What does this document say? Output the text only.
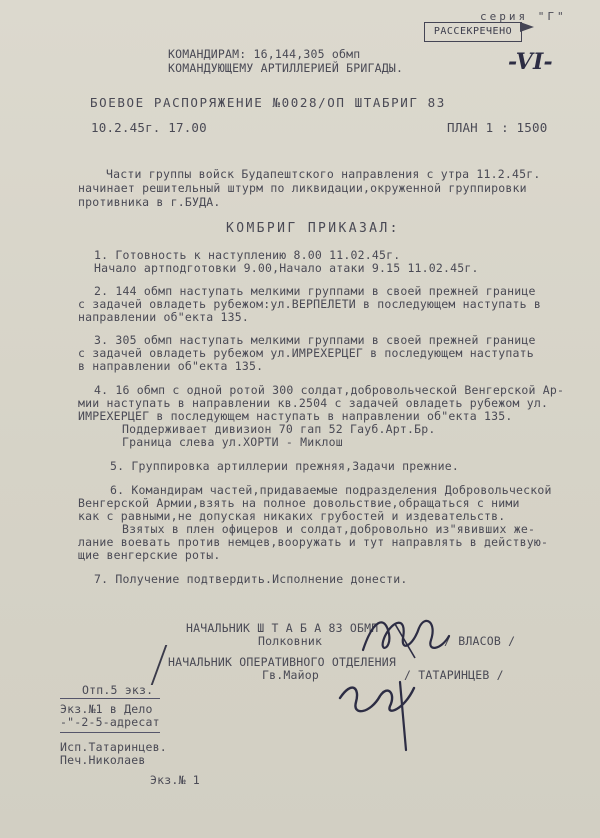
серия "Г"
РАССЕКРЕЧЕНО
-VI-
КОМАНДИРАМ: 16,144,305 обмп
КОМАНДУЮЩЕМУ АРТИЛЛЕРИЕЙ БРИГАДЫ.
БОЕВОЕ РАСПОРЯЖЕНИЕ №0028/ОП ШТАБРИГ 83
10.2.45г. 17.00	ПЛАН 1 : 1500
Части группы войск Будапештского направления с утра 11.2.45г.
начинает решительный штурм по ликвидации,окруженной группировки
противника в г.БУДА.
КОМБРИГ ПРИКАЗАЛ:
1. Готовность к наступлению 8.00 11.02.45г.
Начало артподготовки 9.00,Начало атаки 9.15 11.02.45г.
2. 144 обмп наступать мелкими группами в своей прежней границе
с задачей овладеть рубежом:ул.ВЕРПЕЛЕТИ в последующем наступать в
направлении об"екта 135.
3. 305 обмп наступать мелкими группами в своей прежней границе
с задачей овладеть рубежом ул.ИМРЕХЕРЦЕГ в последующем наступать
в направлении об"екта 135.
4. 16 обмп с одной ротой 300 солдат,добровольческой Венгерской Ар-
мии наступать в направлении кв.2504 с задачей овладеть рубежом ул.
ИМРЕХЕРЦЕГ в последующем наступать в направлении об"екта 135.
Поддерживает дивизион 70 гап 52 Гауб.Арт.Бр.
Граница слева ул.ХОРТИ - Миклош
5. Группировка артиллерии прежняя,Задачи прежние.
6. Командирам частей,придаваемые подразделения Добровольческой
Венгерской Армии,взять на полное довольствие,обращаться с ними
как с равными,не допуская никаких грубостей и издевательств.
Взятых в плен офицеров и солдат,добровольно из"явивших же-
лание воевать против немцев,вооружать и тут направлять в действую-
щие венгерские роты.
7. Получение подтвердить.Исполнение донести.
НАЧАЛЬНИК Ш Т А Б А 83 ОБМП
Полковник	/ ВЛАСОВ /
НАЧАЛЬНИК ОПЕРАТИВНОГО ОТДЕЛЕНИЯ
Гв.Майор	/ ТАТАРИНЦЕВ /
Отп.5 экз.
Экз.№1 в Дело
-"-2-5-адресат
Исп.Татаринцев.
Печ.Николаев
Экз.№ 1
